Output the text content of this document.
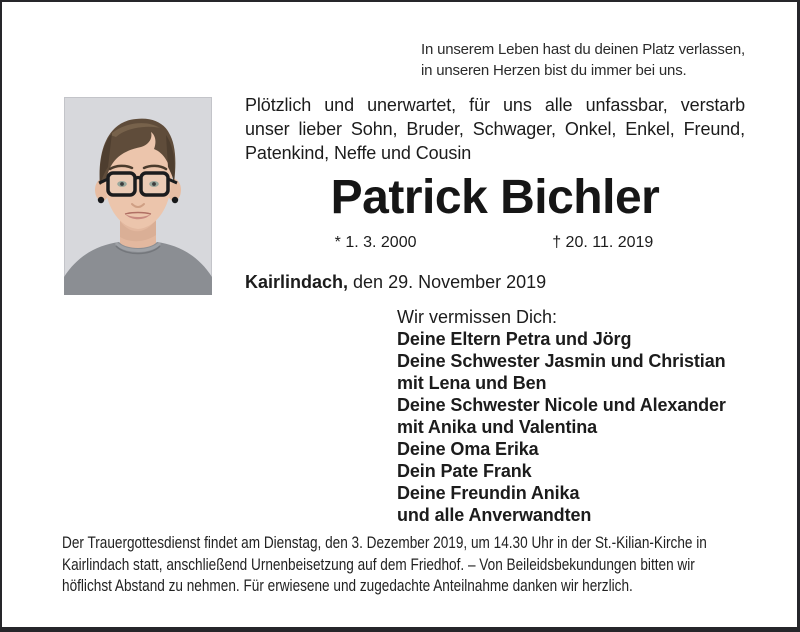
In unserem Leben hast du deinen Platz verlassen,
in unseren Herzen bist du immer bei uns.
Plötzlich und unerwartet, für uns alle unfassbar, verstarb
unser lieber Sohn, Bruder, Schwager, Onkel, Enkel, Freund,
Patenkind, Neffe und Cousin
Patrick Bichler
* 1. 3. 2000	† 20. 11. 2019
Kairlindach, den 29. November 2019
Wir vermissen Dich:
Deine Eltern Petra und Jörg
Deine Schwester Jasmin und Christian
mit Lena und Ben
Deine Schwester Nicole und Alexander
mit Anika und Valentina
Deine Oma Erika
Dein Pate Frank
Deine Freundin Anika
und alle Anverwandten
Der Trauergottesdienst findet am Dienstag, den 3. Dezember 2019, um 14.30 Uhr in der St.-Kilian-Kirche in
Kairlindach statt, anschließend Urnenbeisetzung auf dem Friedhof. – Von Beileidsbekundungen bitten wir
höflichst Abstand zu nehmen. Für erwiesene und zugedachte Anteilnahme danken wir herzlich.
